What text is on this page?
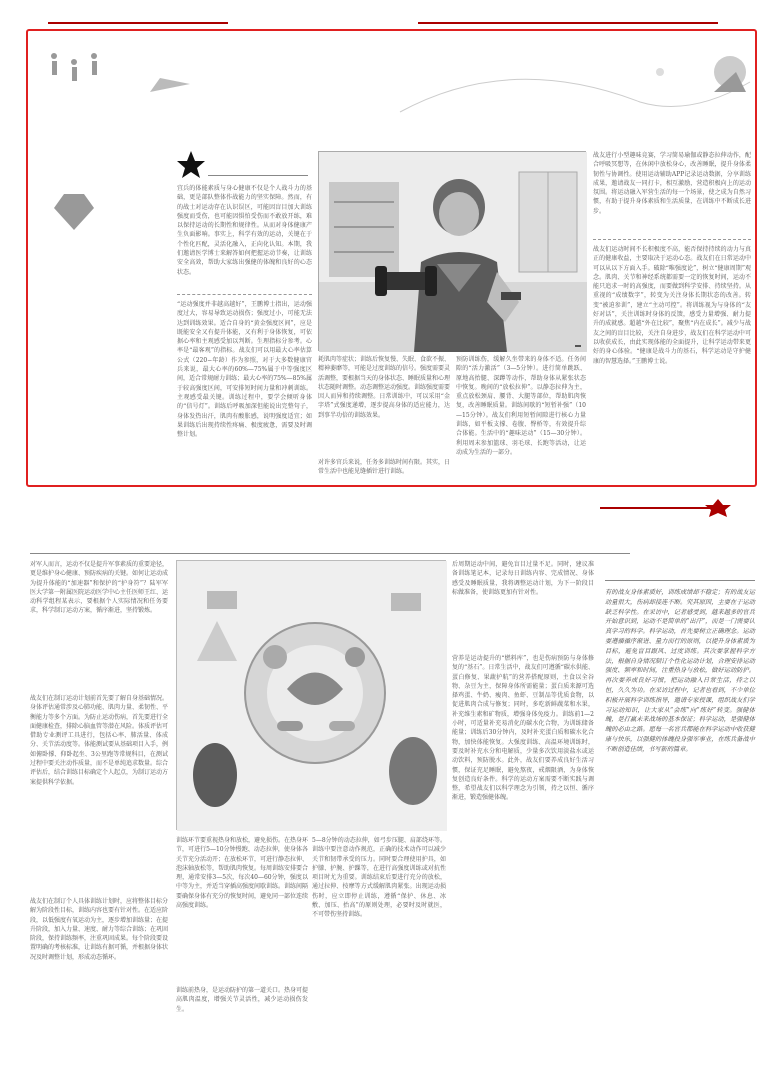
宜兵的体能素质与身心健康不仅是个人战斗力的基础，更是部队整体作战能力的坚实保障。然而，有的战士对运动存在认识误区，可能因盲目加大训练强度而受伤，也可能因惧怕受伤而不敢放开练，难以保持运动的长期性和规律性。从而对身体健康产生负面影响。事实上，科学有效的运动，关键在于个性化匹配，灵活化融入，正向化认知。本期，我们邀请医学博士来解答如何把握运动节奏，让训练安全高效，帮助大家练出强健的体魄和良好的心态状态。
“运动强度并非越高越好”，王鹏博士指出，运动强度过大，容易导致运动损伤；强度过小，可能无法达到训练效果。适合自身的“黄金强度区间”，应是既能安全又有提升体能，又有利于身体恢复，可依据心率和主观感受加以判断。生理指标分参考。心率是“最客观”的指标。战友们可以用最大心率估算公式（220−年龄）作为参照，对于大多数健康官兵来说，最大心率的60%—75%属于中等强度区间，适合常规耐力训练；最大心率的75%—85%属于较高强度区间，可安排短时间力量和冲刺训练。主观感受最关键。训练过程中，要学会倾听身体的“信号灯”。训练后呼吸加深但能说出完整句子，身体发热出汗，肌肉有酸胀感，说明强度适宜；如果训练后出现持续性疼痛、极度疲惫，需要及时调整计划。
耗肌肉等症状；训练后恢复慢、失眠、食欲不振、精神萎靡等，可能是过度训练的信号。强度需要灵活调整，要根据当天的身体状态、睡眠质量和心理状态随时调整。动态调整运动强度。训练强度需要因人而异和持续调整。日常训练中，可以采用“金字塔”式强度递增，逐步提高身体的适应能力，达到事半功倍的训练效果。
对许多官兵来说，任务多训练时间有限。其实，日常生活中也能见缝插针进行训练。
预防训练伤，缓解久坐带来的身体不适。任务间隙的“活力激活”（3—5分钟）。进行简单跳跃、原地高抬腿、深蹲等动作，帮助身体从紧张状态中恢复。晚间的“放松拉伸”。以静态拉伸为主，重点放松颈肩、腰背、大腿等部位，帮助肌肉恢复，改善睡眠质量。训练间歇的“短暂补强”（10—15分钟）。战友们利用短暂间隙进行核心力量训练，如平板支撑、卷腹、臀桥等，有效提升综合体能。生活中的“趣味运动”（15—30分钟）。利用周末参加篮球、羽毛球、长跑等活动，让运动成为生活的一部分。
战友进行小型趣味竞赛，学习简易瑜伽或静态拉伸动作，配合呼吸冥想等，在休闲中放松身心，改善睡眠，提升身体柔韧性与协调性。使用运动辅助APP记录运动数据，分享训练成果，邀请战友一同打卡，相互激励，营造积极向上的运动氛围。将运动融入军营生活的每一个场景，使之成为自然习惯，有助于提升身体素质和生活质量，在训练中不断成长进步。
战友们运动时间不长积极度不高，能否保持持续的动力与真正的健康收益，主要取决于运动心态。战友们在日常运动中可以从以下方面入手。破除“唯强度论”，树立“健康周期”观念。肌肉、关节和神经系统都需要一定的恢复时间，运动不能只追求一时的高强度，而要做到科学安排、持续坚持。从重视的“成绩数字”，转变为关注身体长期状态的改善。转变“被迫参训”，建立“主动可控”。将训练视为与身体的“友好对话”，关注训练时身体的反馈，感受力量增强、耐力提升的成就感。超越“外在比较”，聚焦“内在成长”。减少与战友之间的盲目比较，关注自身进步，战友们在科学运动中可以收获成长，由此实现体能的全面提升，让科学运动带来更好的身心体验。“健康是战斗力的基石，科学运动是守护健康的智慧选择。”王鹏博士说。
对军人而言，运动不仅是提升军事素质的重要途径，更是维护身心健康、预防疾病的关键。如何让运动成为提升体能的“加速器”和保护的“护身符”？陆军军医大学第一附属医院运动医学中心主任医师王红、运动科学组程某表示，要根据个人实际情况和任务要求，科学制订运动方案，循序渐进，坚持锻炼。
战友们在制订运动计划前首先要了解自身基础情况。身体评估通常涉及心肺功能、肌肉力量、柔韧性、平衡能力等多个方面。为防止运动伤病，首先要进行全面健康检查，排除心脑血管等潜在风险。体质评估可借助专业测评工具进行，包括心率、肺活量、体成分、关节活动度等。体能测试要从基础项目入手，例如俯卧撑、仰卧起坐、3公里跑等常规科目，在测试过程中要关注动作质量，而不是单纯追求数量。综合评估后，结合训练目标确定个人起点，为制订运动方案提供科学依据。
战友们在制订个人具体训练计划时，应将整体目标分解为阶段性目标，训练内容也要有针对性。在适应阶段，以低强度有氧运动为主，逐步增加训练量；在提升阶段，加入力量、速度、耐力等综合训练；在巩固阶段，保持训练频率，注重巩固成果。每个阶段要设置明确的考核标准，让训练有据可循，并根据身体状况及时调整计划，形成动态循环。
训练环节要重视热身和放松，避免损伤。在热身环节，可进行5—10分钟慢跑、动态拉伸，使身体各关节充分活动开；在放松环节，可进行静态拉伸、泡沫轴放松等，帮助肌肉恢复。每周训练安排要合理，通常安排3—5次，每次40—60分钟，强度以中等为主，并适当穿插高强度间歇训练。训练间隔要确保身体有充分的恢复时间，避免同一部位连续高强度训练。
训练前热身，是运动防护的第一道关口。热身可提高肌肉温度，增强关节灵活性，减少运动损伤发生。
5—8分钟的动态拉伸，如弓步压腿、肩部绕环等。训练中要注意动作规范，正确的技术动作可以减少关节和韧带承受的压力。同时要合理使用护具，如护膝、护腕、护踝等，在进行高强度训练或对抗性项目时尤为重要。训练结束后要进行充分的放松，通过拉伸、按摩等方式缓解肌肉紧张。出现运动损伤时，应立即停止训练，遵循“保护、休息、冰敷、加压、抬高”的原则处理，必要时及时就医，不可带伤坚持训练。
后周期运动中间，避免盲目过量不足。同时，建议准备训练笔记本，记录每日训练内容、完成情况、身体感受及睡眠质量，我将调整运动计划，为下一阶段目标做准备，使训练更加有针对性。
营养是运动提升的“燃料库”，也是伤病预防与身体修复的“基石”。日常生活中，战友们可遵循“碳水供能、蛋白修复、果蔬护航”的营养搭配原则，主食以全谷物、杂豆为主，保障身体所需能量；蛋白质来源可选择鸡蛋、牛奶、瘦肉、鱼虾、豆制品等优质食物，以促进肌肉合成与修复；同时，多吃新鲜蔬菜和水果，补充维生素和矿物质，增强身体免疫力。训练前1—2小时，可适量补充易消化的碳水化合物，为训练储备能量；训练后30分钟内，及时补充蛋白质和碳水化合物，加快体能恢复。大强度训练、高温环境训练时，要及时补充水分和电解质，少量多次饮用淡盐水或运动饮料，预防脱水。此外，战友们要养成良好生活习惯，保证充足睡眠，避免熬夜，戒烟限酒，为身体恢复创造良好条件。科学的运动方案需要不断实践与调整，希望战友们以科学理念为引领，持之以恒、循序渐进，锻造强健体魄。
有的战友身体素质好，训练成绩却不稳定；有的战友运动量很大，伤病却接连不断。究其原因，主要在于运动缺乏科学性。在采访中，记者感受到，越来越多的官兵开始意识到，运动不是简单的“出汗”，而是一门需要认真学习的科学。科学运动，首先要树立正确理念。运动要遵循循序渐进、量力而行的原则，以提升身体素质为目标，避免盲目跟风、过度训练。其次要掌握科学方法，根据自身情况制订个性化运动计划，合理安排运动强度、频率和时间，注重热身与放松，做好运动防护。再次要养成良好习惯，把运动融入日常生活，持之以恒，久久为功。在采访过程中，记者也看到，不少单位积极开展科学训练指导，邀请专家授课，组织战友们学习运动知识，让大家从“会练”向“练好”转变。强健体魄，是打赢未来战场的基本保证；科学运动，是强健体魄的必由之路。愿每一名官兵都能在科学运动中收获健康与快乐，以强健的体魄投身强军事业，在练兵备战中不断创造佳绩，书写新的篇章。
